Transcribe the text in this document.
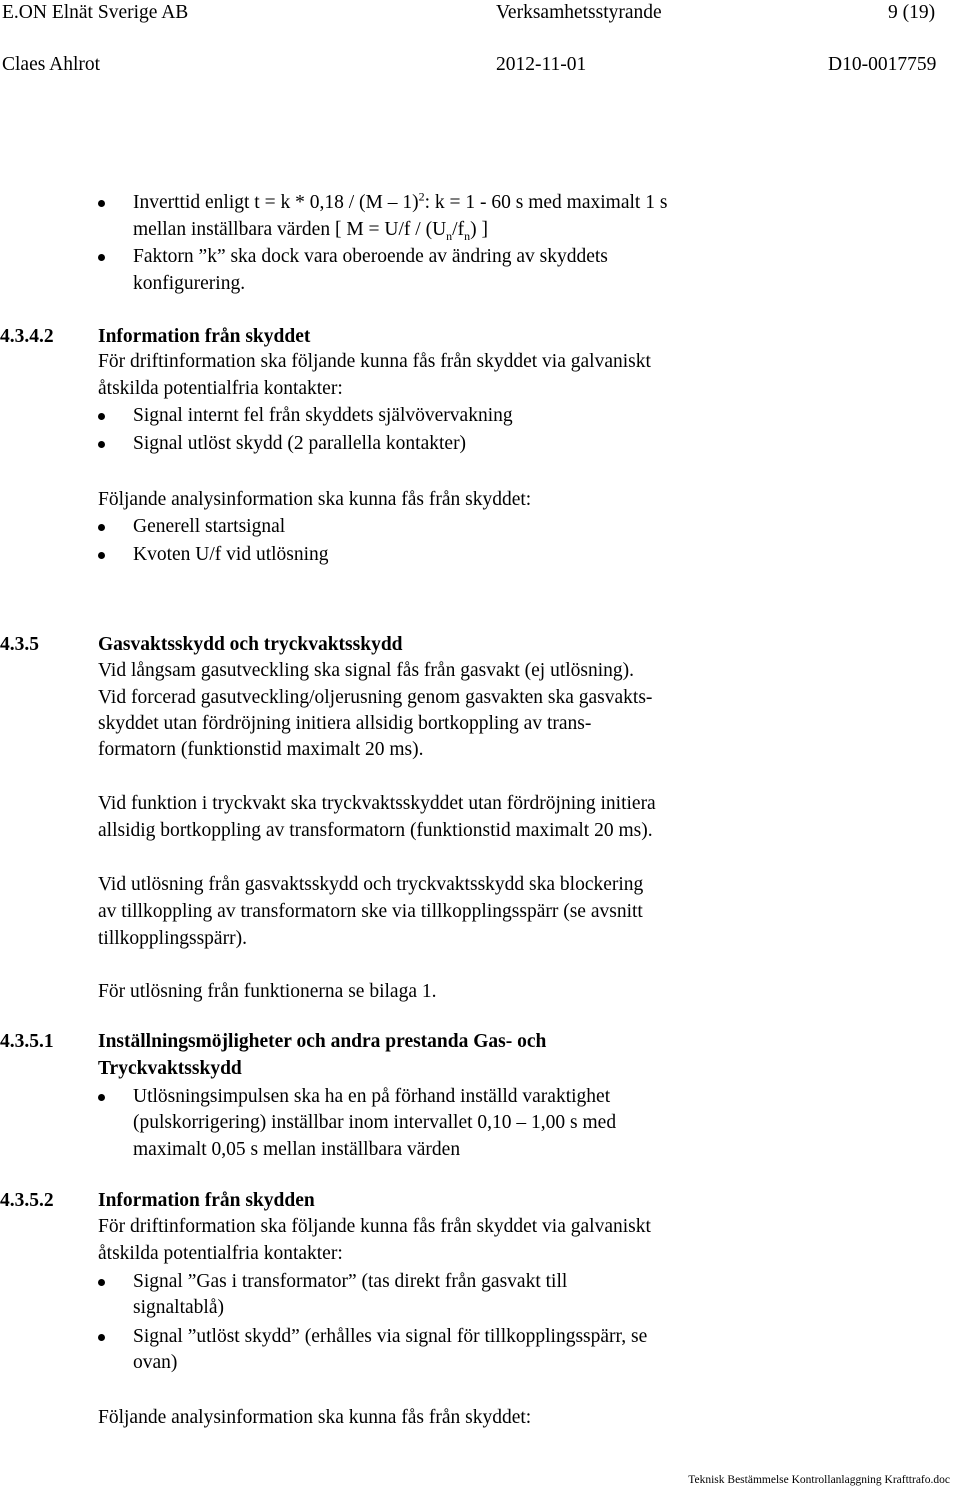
E.ON Elnät Sverige AB	Verksamhetsstyrande	9 (19)
Claes Ahlrot	2012-11-01	D10-0017759
Inverttid enligt t = k * 0,18 / (M – 1)$^2$: k = 1 - 60 s med maximalt 1 s
mellan inställbara värden [ $M = U/f / (U_n/f_n)$ ]
Faktorn ”k” ska dock vara oberoende av ändring av skyddets
konfigurering.
4.3.4.2 Information från skyddet
För driftinformation ska följande kunna fås från skyddet via galvaniskt
åtskilda potentialfria kontakter:
Signal internt fel från skyddets självövervakning
Signal utlöst skydd (2 parallella kontakter)
Följande analysinformation ska kunna fås från skyddet:
Generell startsignal
Kvoten U/f vid utlösning
4.3.5	Gasvaktsskydd och tryckvaktsskydd
Vid långsam gasutveckling ska signal fås från gasvakt (ej utlösning).
Vid forcerad gasutveckling/oljerusning genom gasvakten ska gasvakts-
skyddet utan fördröjning initiera allsidig bortkoppling av trans-
formatorn (funktionstid maximalt 20 ms).
Vid funktion i tryckvakt ska tryckvaktsskyddet utan fördröjning initiera
allsidig bortkoppling av transformatorn (funktionstid maximalt 20 ms).
Vid utlösning från gasvaktsskydd och tryckvaktsskydd ska blockering
av tillkoppling av transformatorn ske via tillkopplingsspärr (se avsnitt
tillkopplingsspärr).
För utlösning från funktionerna se bilaga 1.
4.3.5.1 Inställningsmöjligheter och andra prestanda Gas- och
Tryckvaktsskydd
Utlösningsimpulsen ska ha en på förhand inställd varaktighet
(pulskorrigering) inställbar inom intervallet 0,10 – 1,00 s med
maximalt 0,05 s mellan inställbara värden
4.3.5.2 Information från skydden
För driftinformation ska följande kunna fås från skyddet via galvaniskt
åtskilda potentialfria kontakter:
Signal ”Gas i transformator” (tas direkt från gasvakt till
signaltablå)
Signal ”utlöst skydd” (erhålles via signal för tillkopplingsspärr, se
ovan)
Följande analysinformation ska kunna fås från skyddet:
Teknisk Bestämmelse Kontrollanlaggning Krafttrafo.doc
